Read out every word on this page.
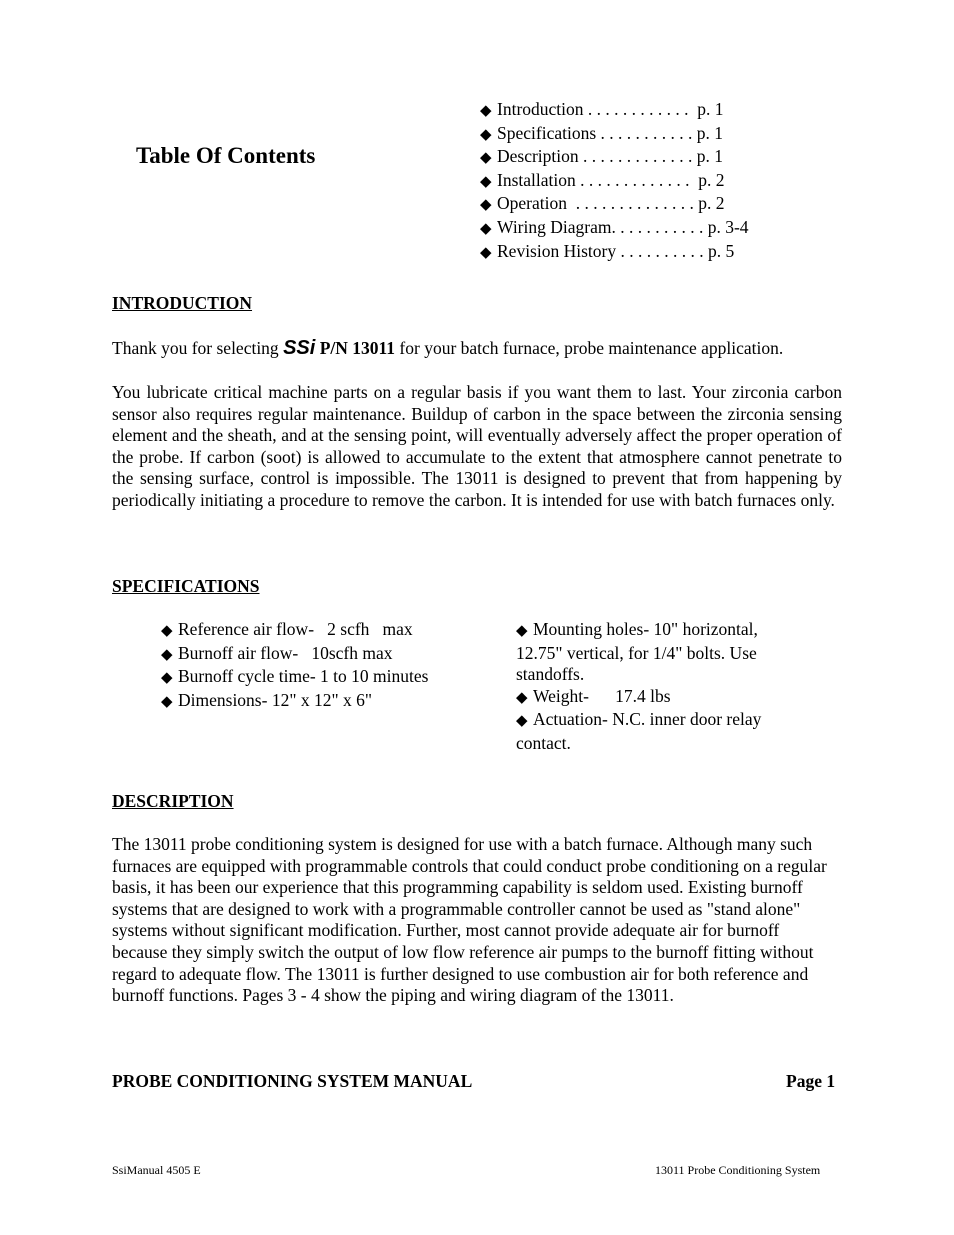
Table Of Contents
◆ Introduction . . . . . . . . . . . .  p. 1
◆ Specifications . . . . . . . . . . . p. 1
◆ Description . . . . . . . . . . . . . p. 1
◆ Installation . . . . . . . . . . . . .  p. 2
◆ Operation  . . . . . . . . . . . . . . p. 2
◆ Wiring Diagram. . . . . . . . . . . p. 3-4
◆ Revision History . . . . . . . . . . p. 5
INTRODUCTION
Thank you for selecting SSi P/N 13011 for your batch furnace, probe maintenance application.
You lubricate critical machine parts on a regular basis if you want them to last. Your zirconia carbon sensor also requires regular maintenance. Buildup of carbon in the space between the zirconia sensing element and the sheath, and at the sensing point, will eventually adversely affect the proper operation of the probe. If carbon (soot) is allowed to accumulate to the extent that atmosphere cannot penetrate to the sensing surface, control is impossible. The 13011 is designed to prevent that from happening by periodically initiating a procedure to remove the carbon. It is intended for use with batch furnaces only.
SPECIFICATIONS
◆ Reference air flow-   2 scfh   max
◆ Burnoff air flow-   10scfh max
◆ Burnoff cycle time- 1 to 10 minutes
◆ Dimensions- 12" x 12" x 6"
◆ Mounting holes- 10" horizontal, 12.75" vertical, for 1/4" bolts. Use standoffs.
◆ Weight-      17.4 lbs
◆ Actuation- N.C. inner door relay contact.
DESCRIPTION
The 13011 probe conditioning system is designed for use with a batch furnace. Although many such furnaces are equipped with programmable controls that could conduct probe conditioning on a regular basis, it has been our experience that this programming capability is seldom used. Existing burnoff systems that are designed to work with a programmable controller cannot be used as "stand alone" systems without significant modification. Further, most cannot provide adequate air for burnoff because they simply switch the output of low flow reference air pumps to the burnoff fitting without regard to adequate flow. The 13011 is further designed to use combustion air for both reference and burnoff functions. Pages 3 - 4 show the piping and wiring diagram of the 13011.
PROBE CONDITIONING SYSTEM MANUAL	Page 1
SsiManual 4505 E	13011 Probe Conditioning System
